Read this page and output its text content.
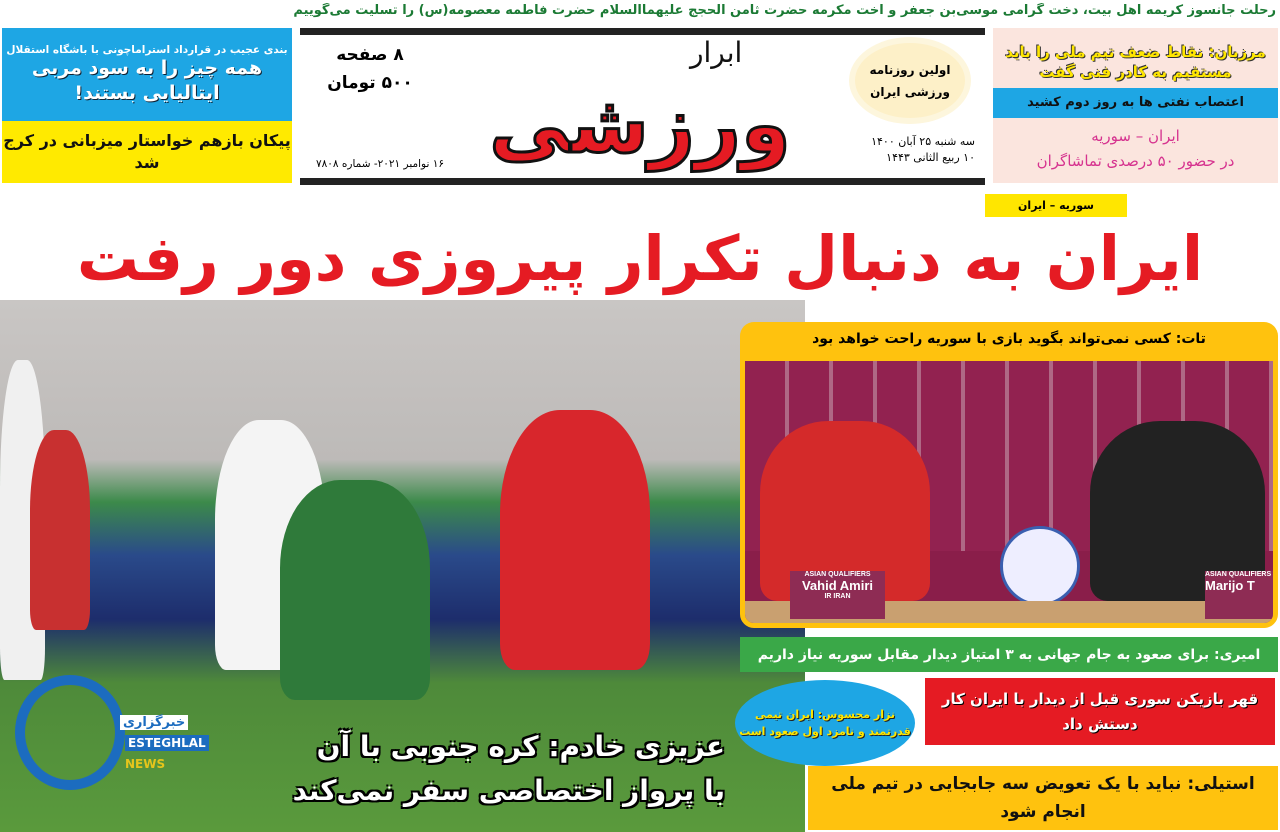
رحلت جانسوز کریمه اهل بیت، دخت گرامی موسی‌بن جعفر و اخت مکرمه حضرت ثامن الحجج علیهماالسلام حضرت فاطمه معصومه(س) را تسلیت می‌گوییم
بندی عجیب در قرارداد استراماچونی با باشگاه استقلال
همه چیز را به سود مربی ایتالیایی بستند!
پیکان بازهم خواستار میزبانی در کرج شد
۸ صفحه
۵۰۰ تومان
۱۶ نوامبر ۲۰۲۱- شماره ۷۸۰۸
ابرار
ورزشی
اولین روزنامه ورزشی ایران
سه شنبه ۲۵ آبان ۱۴۰۰
۱۰ ربیع الثانی ۱۴۴۳
مرزبان: نقاط ضعف تیم ملی را باید مستقیم به کادر فنی گفت
اعتصاب نفتی ها به روز دوم کشید
ایران – سوریه
در حضور ۵۰ درصدی تماشاگران
سوریه – ایران
ایران به دنبال تکرار پیروزی دور رفت
خبرگزاری
ESTEGHLAL
NEWS
عزیزی خادم: کره جنوبی با آن
با پرواز اختصاصی سفر نمی‌کند
تات: کسی نمی‌تواند بگوید بازی با سوریه راحت خواهد بود
ASIAN QUALIFIERS
Vahid Amiri
IR IRAN
ASIAN QUALIFIERS
Marijo T
امیری: برای صعود به جام جهانی به ۳ امتیاز دیدار مقابل سوریه نیاز داریم
قهر بازیکن سوری قبل از دیدار با ایران کار دستش داد
نزار محسوس: ایران تیمی قدرتمند و نامزد اول صعود است
استیلی: نباید با یک تعویض سه جابجایی در تیم ملی انجام شود
